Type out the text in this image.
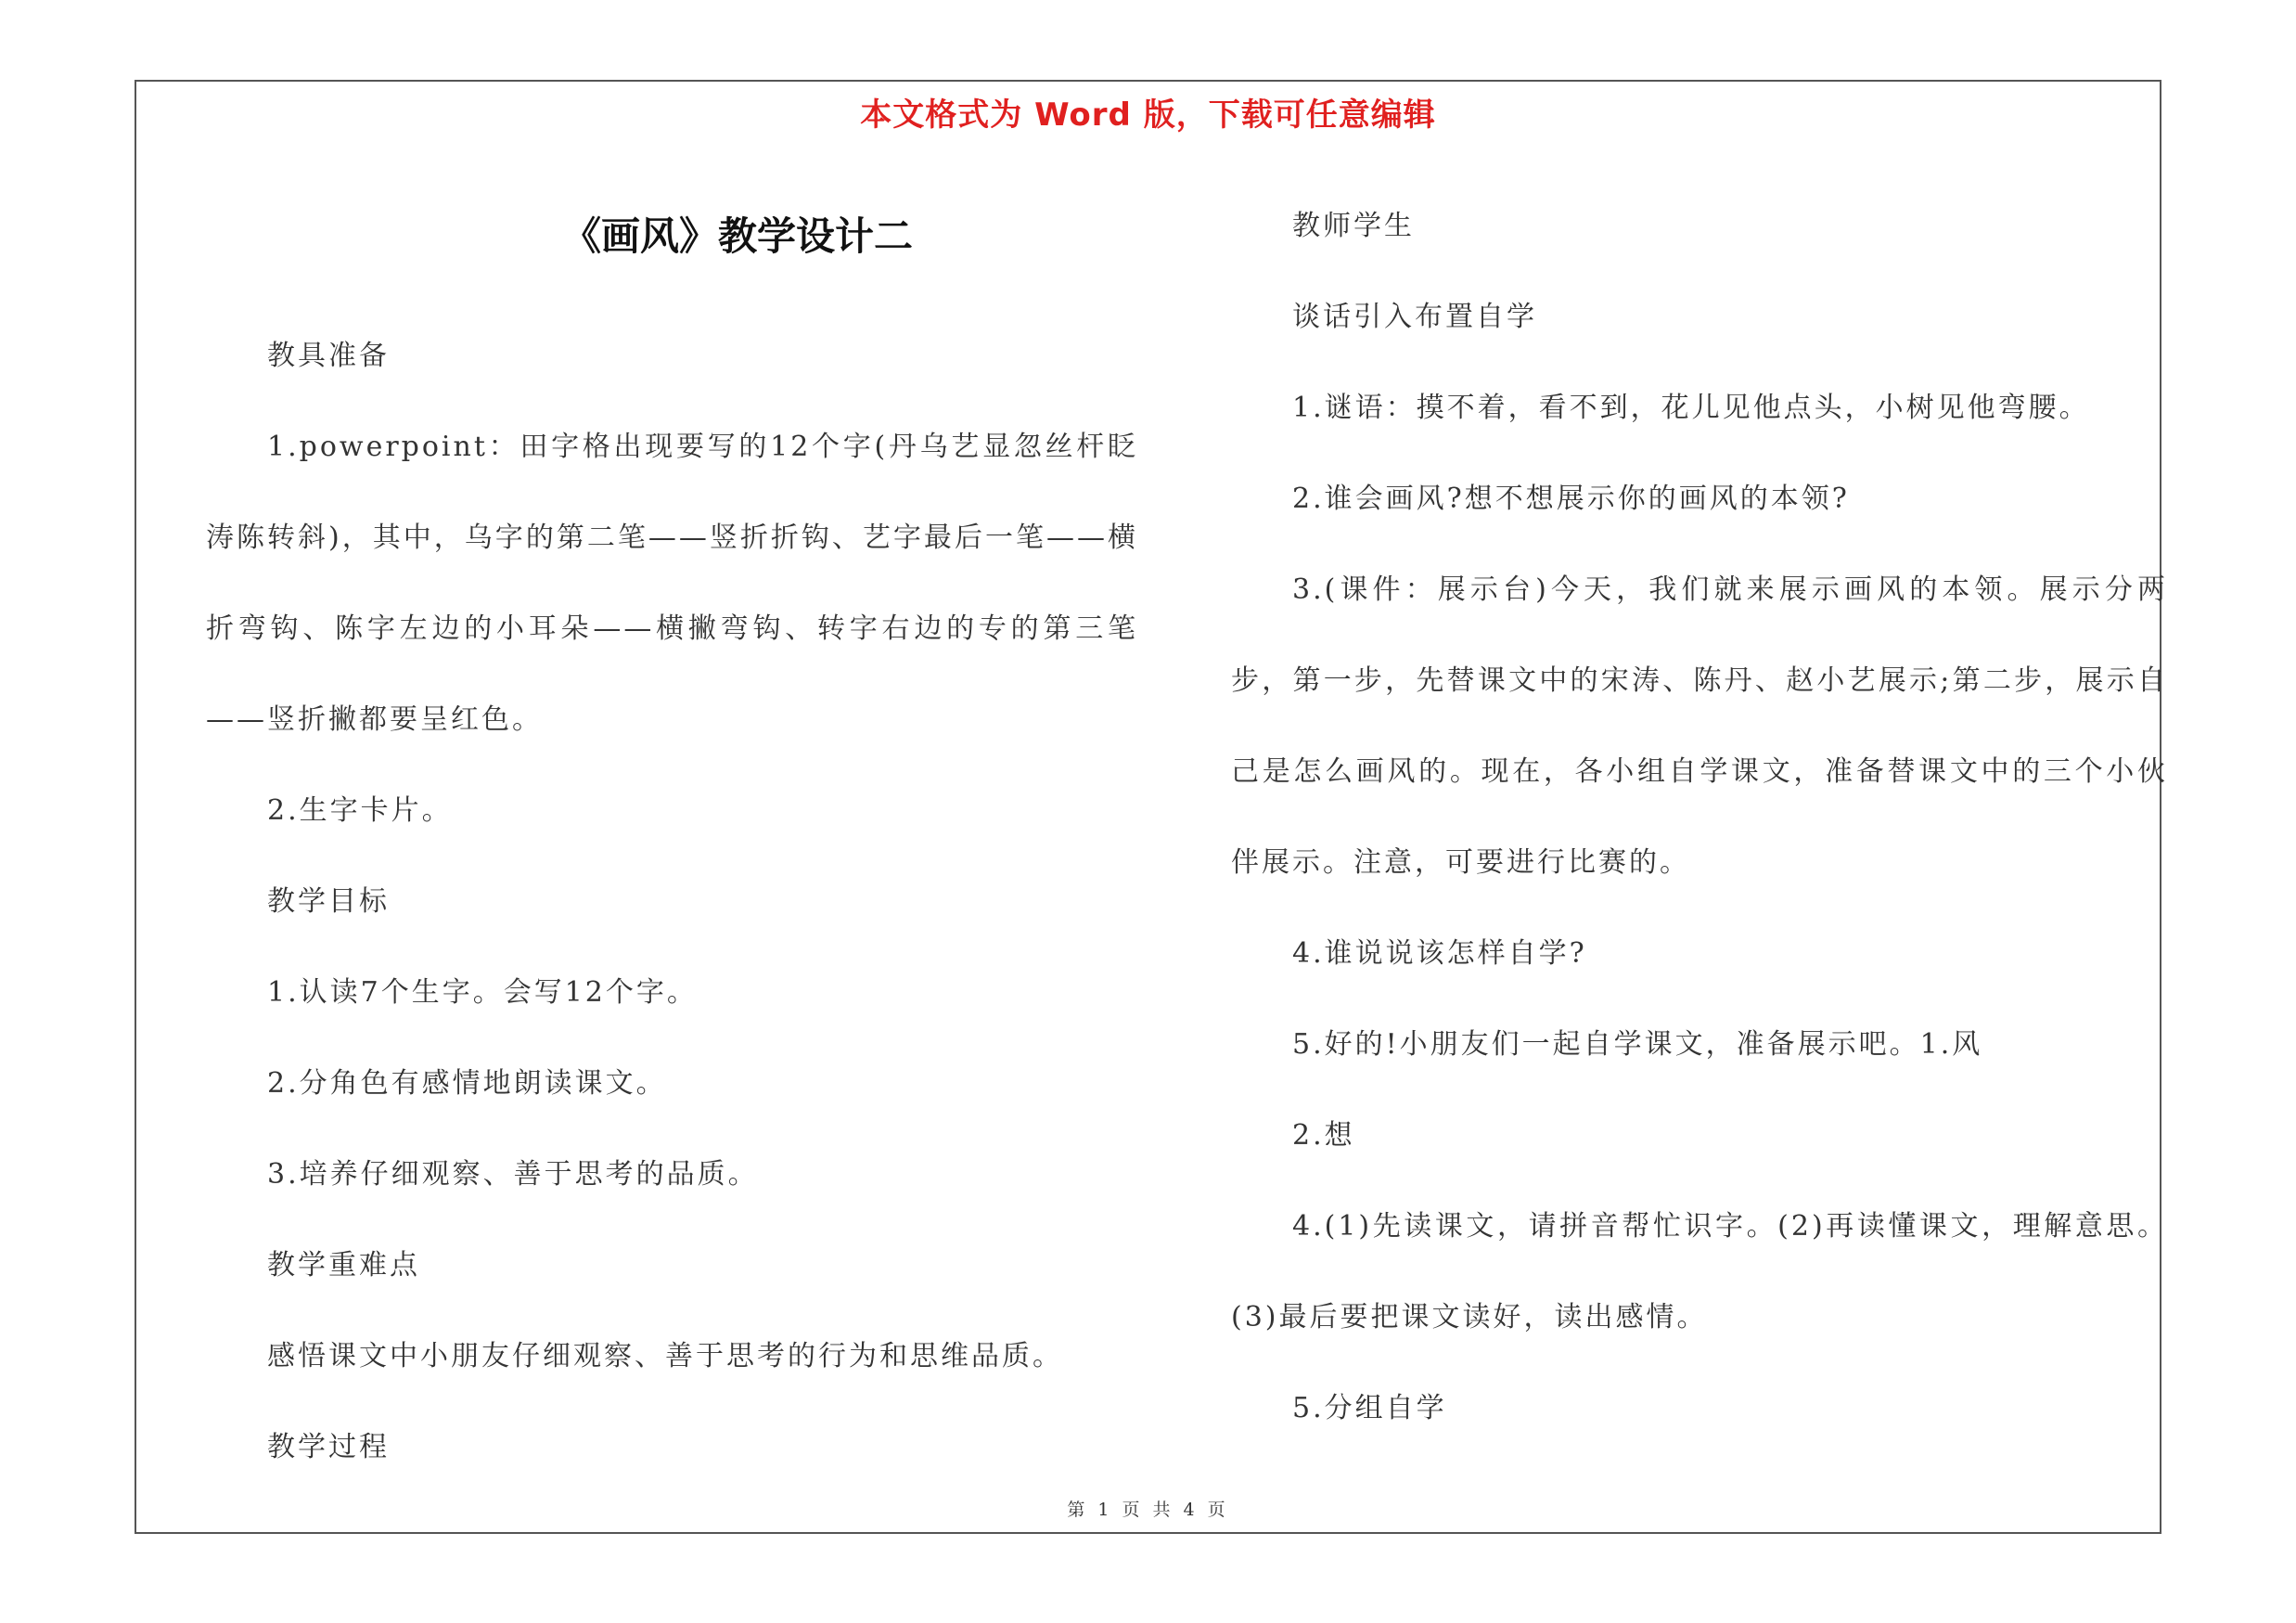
本文格式为 Word 版，下载可任意编辑
《画风》教学设计二

教具准备

1.powerpoint：田字格出现要写的12个字(丹乌艺显忽丝杆眨涛陈转斜)，其中，乌字的第二笔——竖折折钩、艺字最后一笔——横折弯钩、陈字左边的小耳朵——横撇弯钩、转字右边的专的第三笔——竖折撇都要呈红色。

2.生字卡片。

教学目标

1.认读7个生字。会写12个字。

2.分角色有感情地朗读课文。

3.培养仔细观察、善于思考的品质。

教学重难点

感悟课文中小朋友仔细观察、善于思考的行为和思维品质。

教学过程

教师学生

谈话引入布置自学

1.谜语：摸不着，看不到，花儿见他点头，小树见他弯腰。

2.谁会画风?想不想展示你的画风的本领?

3.(课件：展示台)今天，我们就来展示画风的本领。展示分两步，第一步，先替课文中的宋涛、陈丹、赵小艺展示;第二步，展示自己是怎么画风的。现在，各小组自学课文，准备替课文中的三个小伙伴展示。注意，可要进行比赛的。

4.谁说说该怎样自学?

5.好的!小朋友们一起自学课文，准备展示吧。1.风

2.想

4.(1)先读课文，请拼音帮忙识字。(2)再读懂课文，理解意思。(3)最后要把课文读好，读出感情。

5.分组自学

第 1 页 共 4 页
